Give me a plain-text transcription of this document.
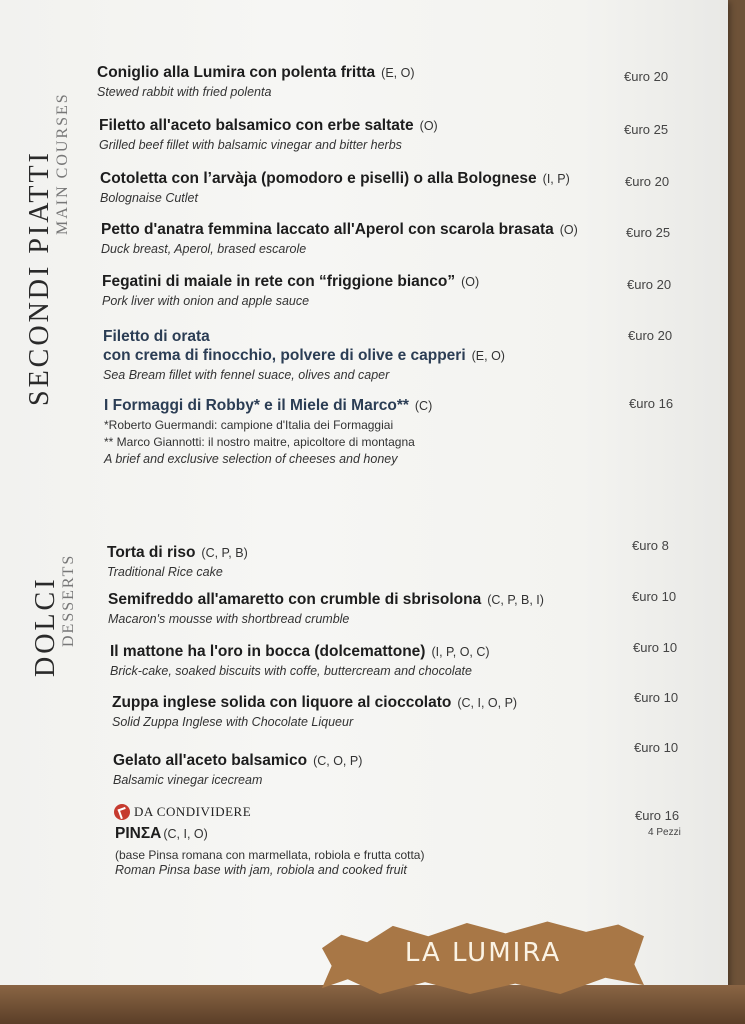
SECONDI PIATTI MAIN COURSES
DOLCI DESSERTS
Coniglio alla Lumira con polenta fritta (E, O)
Stewed rabbit with fried polenta
€uro 20
Filetto all'aceto balsamico con erbe saltate (O)
Grilled beef fillet with balsamic vinegar and bitter herbs
€uro 25
Cotoletta con l’arvàja (pomodoro e piselli) o alla Bolognese (I, P)
Bolognaise Cutlet
€uro 20
Petto d'anatra femmina laccato all'Aperol con scarola brasata (O)
Duck breast, Aperol, brased escarole
€uro 25
Fegatini di maiale in rete con “friggione bianco” (O)
Pork liver with onion and apple sauce
€uro 20
Filetto di orata
con crema di finocchio, polvere di olive e capperi (E, O)
Sea Bream fillet with fennel suace, olives and caper
€uro 20
I Formaggi di Robby* e il Miele di Marco** (C)
*Roberto Guermandi: campione d'Italia dei Formaggiai
** Marco Giannotti: il nostro maitre, apicoltore di montagna
A brief and exclusive selection of cheeses and honey
€uro 16
Torta di riso (C, P, B)
Traditional Rice cake
€uro 8
Semifreddo all'amaretto con crumble di sbrisolona (C, P, B, I)
Macaron's mousse with shortbread crumble
€uro 10
Il mattone ha l'oro in bocca (dolcemattone) (I, P, O, C)
Brick-cake, soaked biscuits with coffe, buttercream and chocolate
€uro 10
Zuppa inglese solida con liquore al cioccolato (C, I, O, P)
Solid Zuppa Inglese with Chocolate Liqueur
€uro 10
Gelato all'aceto balsamico (C, O, P)
Balsamic vinegar icecream
€uro 10
DA CONDIVIDERE
PINΣA (C, I, O)
(base Pinsa romana con marmellata, robiola e frutta cotta)
Roman Pinsa base with jam, robiola and cooked fruit
€uro 16
4 Pezzi
LA LUMIRA
